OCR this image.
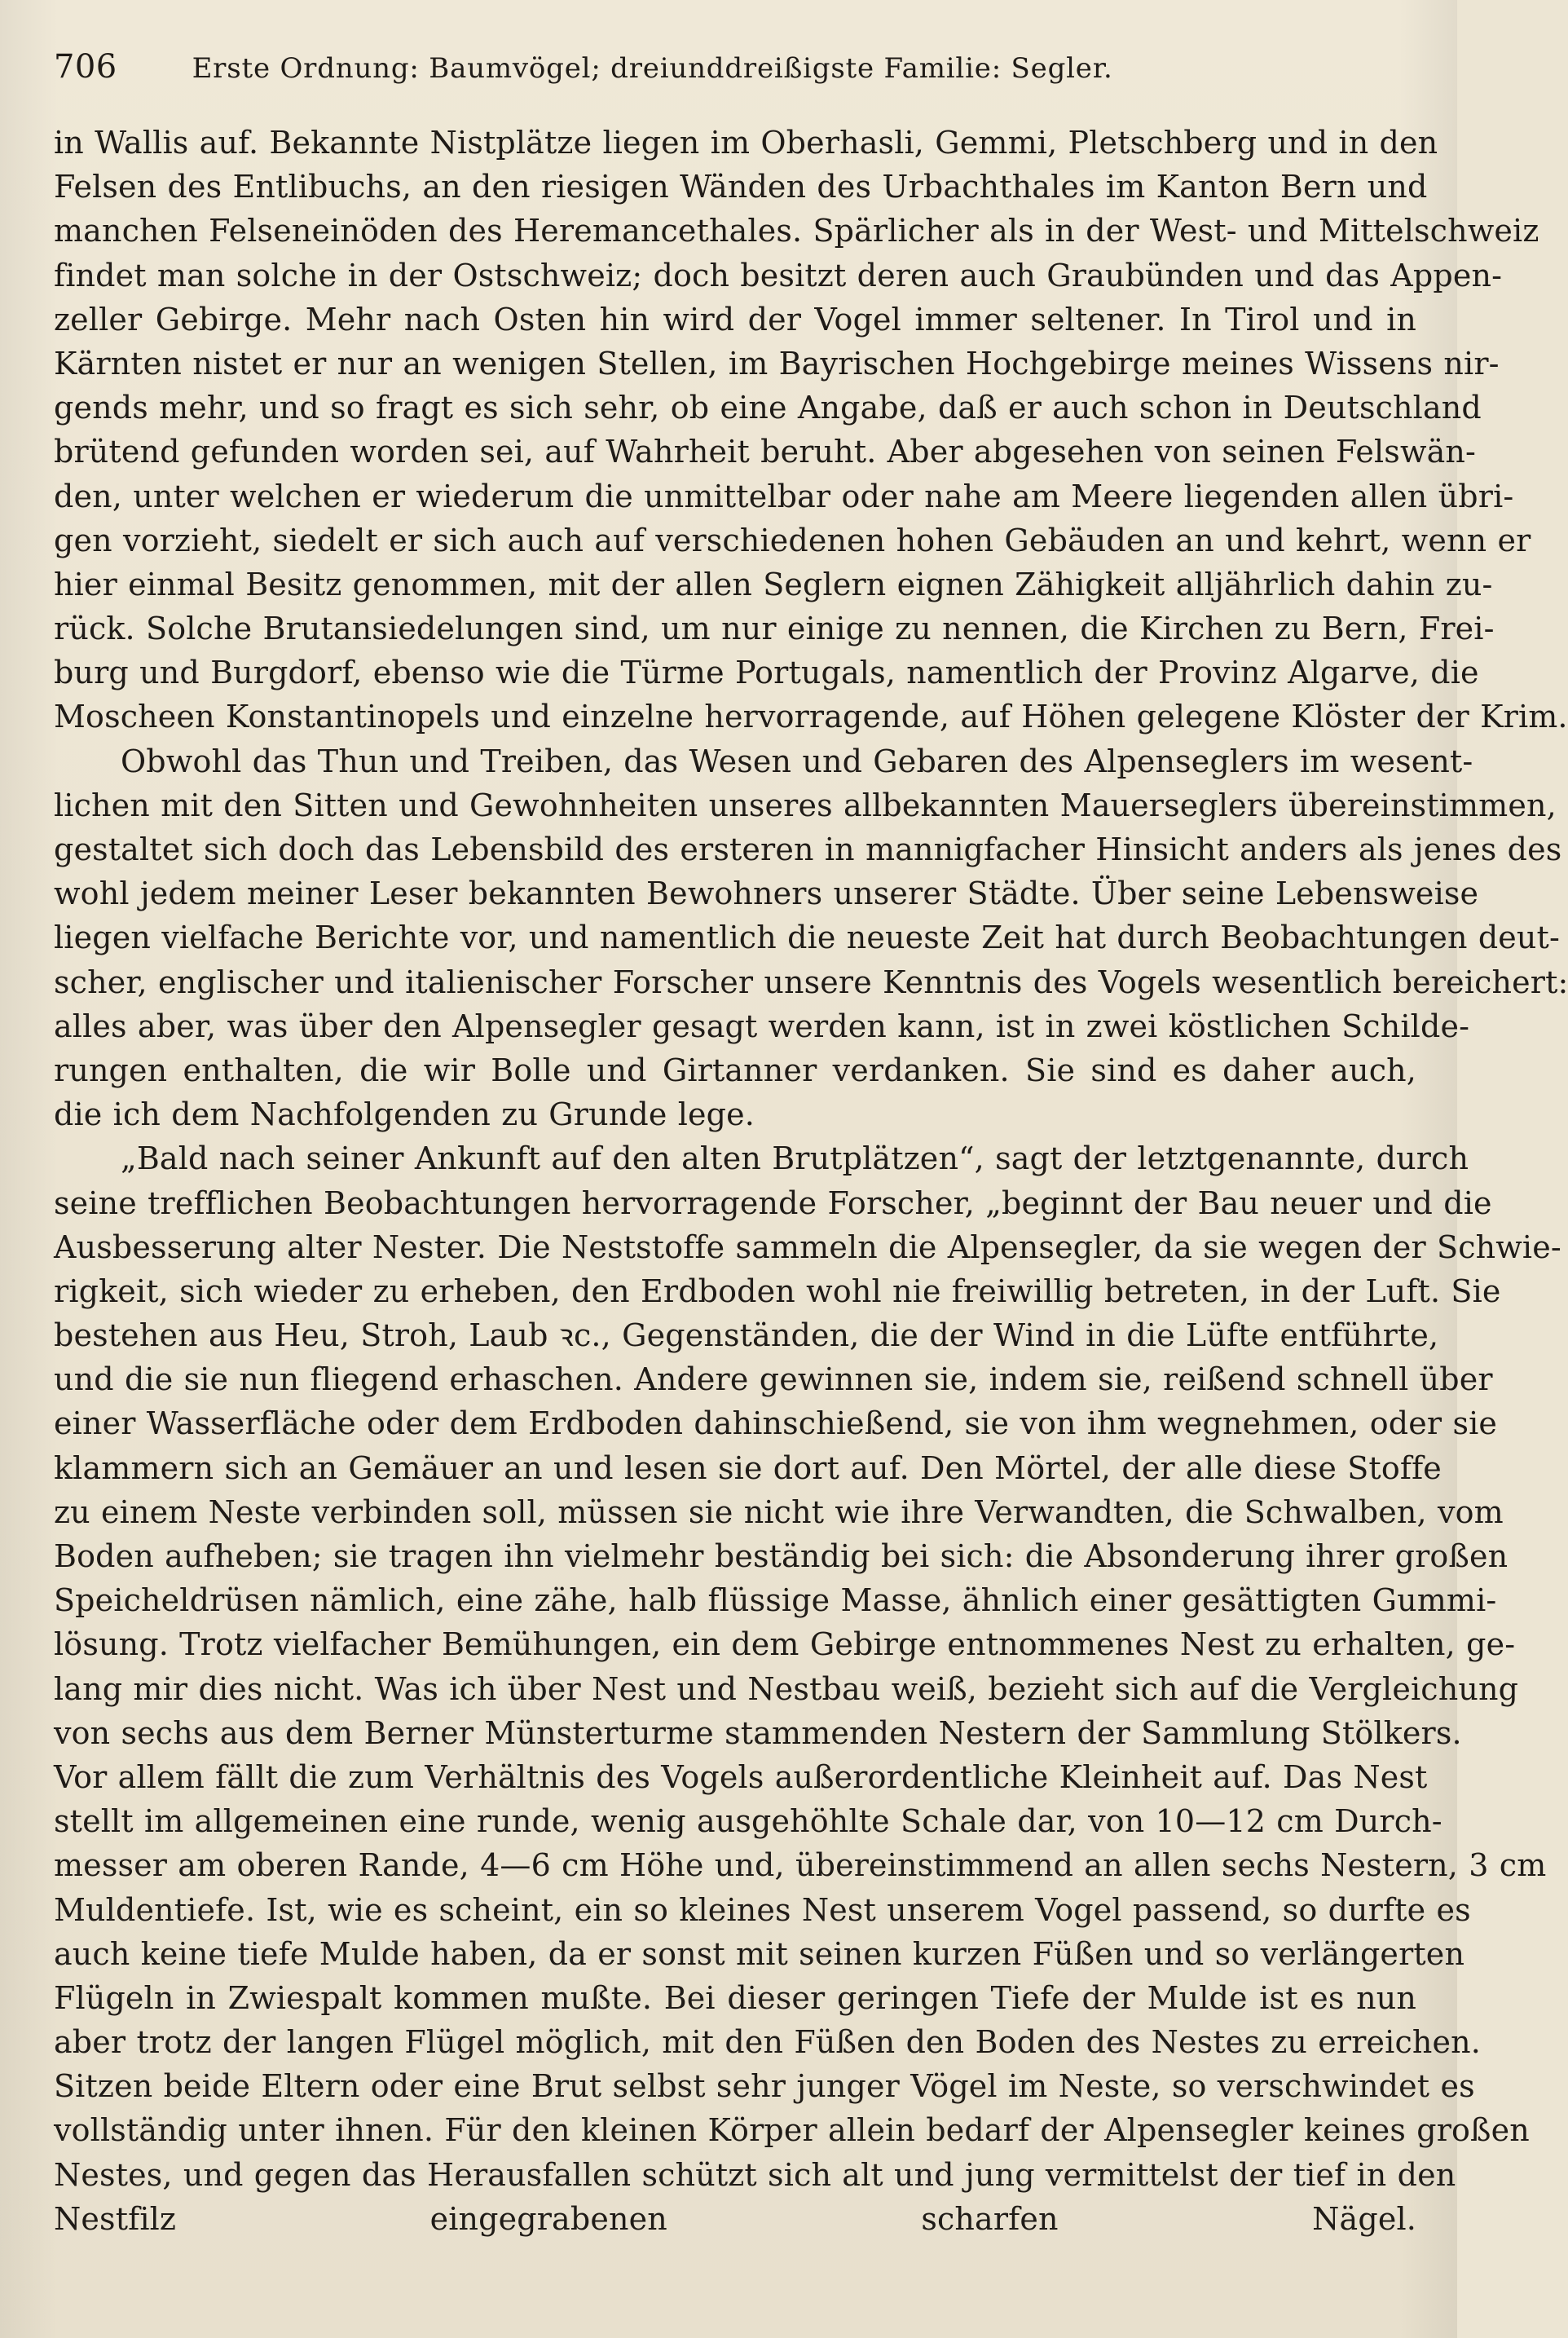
706	Erste Ordnung: Baumvögel; dreiunddreißigste Familie: Segler.
in Wallis auf. Bekannte Nistplätze liegen im Oberhasli, Gemmi, Pletschberg und in den
Felsen des Entlibuchs, an den riesigen Wänden des Urbachthales im Kanton Bern und
manchen Felseneinöden des Heremancethales. Spärlicher als in der West- und Mittelschweiz
findet man solche in der Ostschweiz; doch besitzt deren auch Graubünden und das Appen-
zeller Gebirge. Mehr nach Osten hin wird der Vogel immer seltener. In Tirol und in
Kärnten nistet er nur an wenigen Stellen, im Bayrischen Hochgebirge meines Wissens nir-
gends mehr, und so fragt es sich sehr, ob eine Angabe, daß er auch schon in Deutschland
brütend gefunden worden sei, auf Wahrheit beruht. Aber abgesehen von seinen Felswän-
den, unter welchen er wiederum die unmittelbar oder nahe am Meere liegenden allen übri-
gen vorzieht, siedelt er sich auch auf verschiedenen hohen Gebäuden an und kehrt, wenn er
hier einmal Besitz genommen, mit der allen Seglern eignen Zähigkeit alljährlich dahin zu-
rück. Solche Brutansiedelungen sind, um nur einige zu nennen, die Kirchen zu Bern, Frei-
burg und Burgdorf, ebenso wie die Türme Portugals, namentlich der Provinz Algarve, die
Moscheen Konstantinopels und einzelne hervorragende, auf Höhen gelegene Klöster der Krim.
Obwohl das Thun und Treiben, das Wesen und Gebaren des Alpenseglers im wesent-
lichen mit den Sitten und Gewohnheiten unseres allbekannten Mauerseglers übereinstimmen,
gestaltet sich doch das Lebensbild des ersteren in mannigfacher Hinsicht anders als jenes des
wohl jedem meiner Leser bekannten Bewohners unserer Städte. Über seine Lebensweise
liegen vielfache Berichte vor, und namentlich die neueste Zeit hat durch Beobachtungen deut-
scher, englischer und italienischer Forscher unsere Kenntnis des Vogels wesentlich bereichert:
alles aber, was über den Alpensegler gesagt werden kann, ist in zwei köstlichen Schilde-
rungen enthalten, die wir Bolle und Girtanner verdanken. Sie sind es daher auch,
die ich dem Nachfolgenden zu Grunde lege.
„Bald nach seiner Ankunft auf den alten Brutplätzen“, sagt der letztgenannte, durch
seine trefflichen Beobachtungen hervorragende Forscher, „beginnt der Bau neuer und die
Ausbesserung alter Nester. Die Neststoffe sammeln die Alpensegler, da sie wegen der Schwie-
rigkeit, sich wieder zu erheben, den Erdboden wohl nie freiwillig betreten, in der Luft. Sie
bestehen aus Heu, Stroh, Laub ꝛc., Gegenständen, die der Wind in die Lüfte entführte,
und die sie nun fliegend erhaschen. Andere gewinnen sie, indem sie, reißend schnell über
einer Wasserfläche oder dem Erdboden dahinschießend, sie von ihm wegnehmen, oder sie
klammern sich an Gemäuer an und lesen sie dort auf. Den Mörtel, der alle diese Stoffe
zu einem Neste verbinden soll, müssen sie nicht wie ihre Verwandten, die Schwalben, vom
Boden aufheben; sie tragen ihn vielmehr beständig bei sich: die Absonderung ihrer großen
Speicheldrüsen nämlich, eine zähe, halb flüssige Masse, ähnlich einer gesättigten Gummi-
lösung. Trotz vielfacher Bemühungen, ein dem Gebirge entnommenes Nest zu erhalten, ge-
lang mir dies nicht. Was ich über Nest und Nestbau weiß, bezieht sich auf die Vergleichung
von sechs aus dem Berner Münsterturme stammenden Nestern der Sammlung Stölkers.
Vor allem fällt die zum Verhältnis des Vogels außerordentliche Kleinheit auf. Das Nest
stellt im allgemeinen eine runde, wenig ausgehöhlte Schale dar, von 10—12 cm Durch-
messer am oberen Rande, 4—6 cm Höhe und, übereinstimmend an allen sechs Nestern, 3 cm
Muldentiefe. Ist, wie es scheint, ein so kleines Nest unserem Vogel passend, so durfte es
auch keine tiefe Mulde haben, da er sonst mit seinen kurzen Füßen und so verlängerten
Flügeln in Zwiespalt kommen mußte. Bei dieser geringen Tiefe der Mulde ist es nun
aber trotz der langen Flügel möglich, mit den Füßen den Boden des Nestes zu erreichen.
Sitzen beide Eltern oder eine Brut selbst sehr junger Vögel im Neste, so verschwindet es
vollständig unter ihnen. Für den kleinen Körper allein bedarf der Alpensegler keines großen
Nestes, und gegen das Herausfallen schützt sich alt und jung vermittelst der tief in den
Nestfilz eingegrabenen scharfen Nägel.
